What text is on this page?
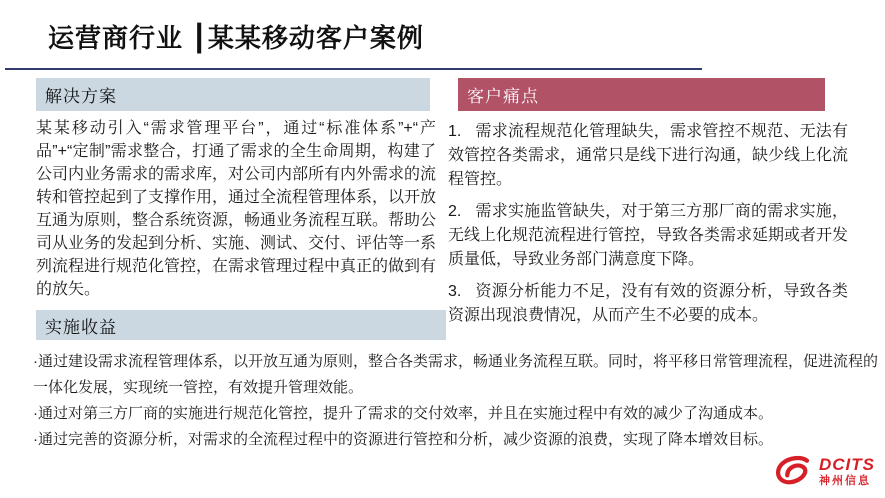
运营商行业 ┃某某移动客户案例
解决方案
某某移动引入“需求管理平台”，通过“标准体系”+“产品”+“定制”需求整合，打通了需求的全生命周期，构建了公司内业务需求的需求库，对公司内部所有内外需求的流转和管控起到了支撑作用，通过全流程管理体系，以开放互通为原则，整合系统资源，畅通业务流程互联。帮助公司从业务的发起到分析、实施、测试、交付、评估等一系列流程进行规范化管控，在需求管理过程中真正的做到有的放矢。
客户痛点
1. 需求流程规范化管理缺失，需求管控不规范、无法有效管控各类需求，通常只是线下进行沟通，缺少线上化流程管控。
2. 需求实施监管缺失，对于第三方那厂商的需求实施，无线上化规范流程进行管控，导致各类需求延期或者开发质量低，导致业务部门满意度下降。
3. 资源分析能力不足，没有有效的资源分析，导致各类资源出现浪费情况，从而产生不必要的成本。
实施收益

·通过建设需求流程管理体系，以开放互通为原则，整合各类需求，畅通业务流程互联。同时，将平移日常管理流程，促进流程的一体化发展，实现统一管控，有效提升管理效能。

·通过对第三方厂商的实施进行规范化管控，提升了需求的交付效率，并且在实施过程中有效的减少了沟通成本。

·通过完善的资源分析，对需求的全流程过程中的资源进行管控和分析，减少资源的浪费，实现了降本增效目标。

DCITS
神州信息
